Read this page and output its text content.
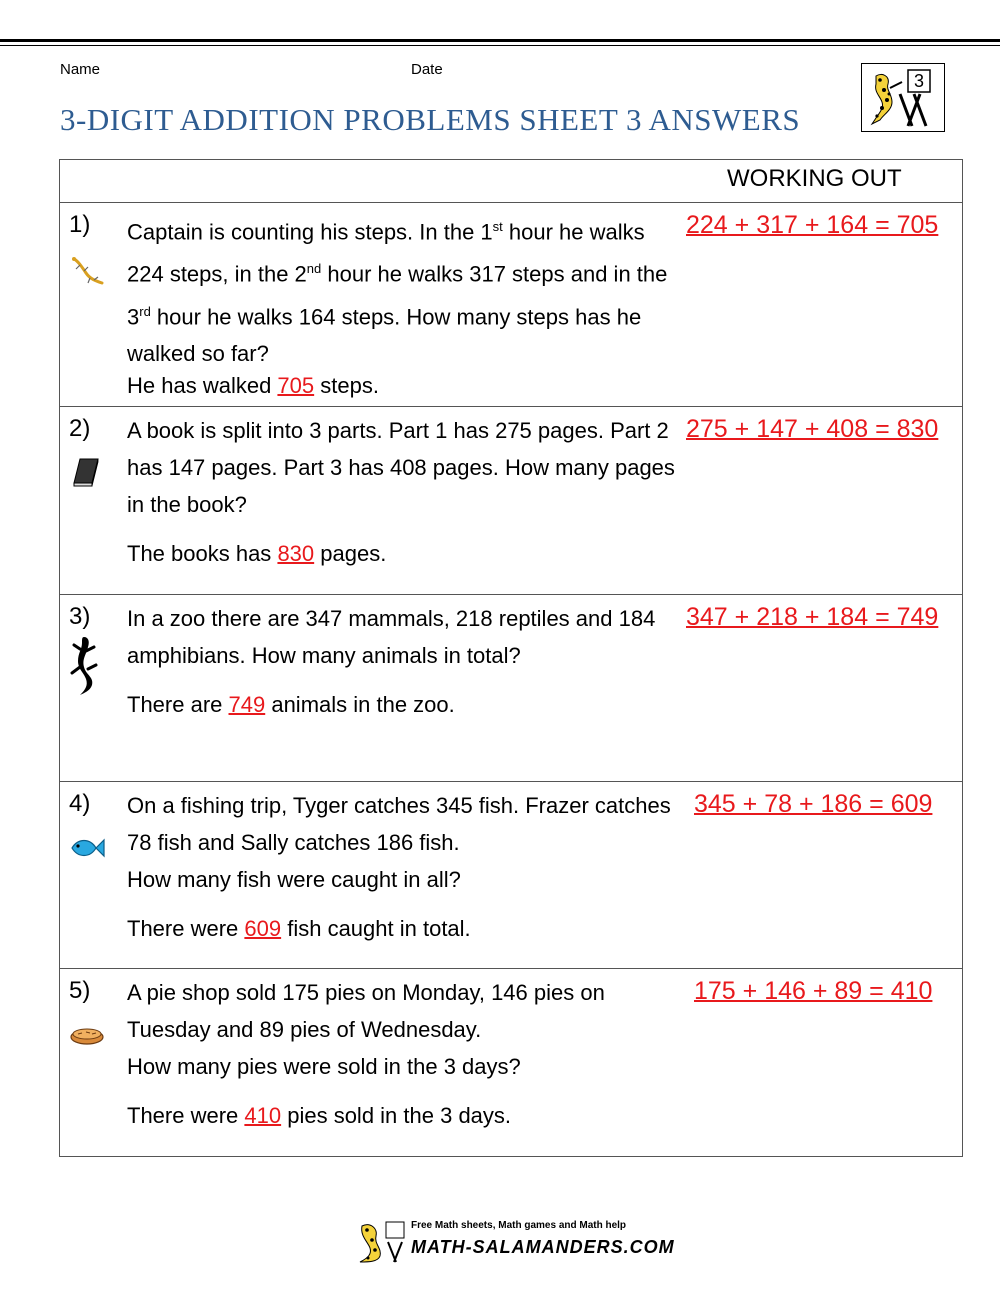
Name	Date
3-DIGIT ADDITION PROBLEMS SHEET 3 ANSWERS
3
WORKING OUT
1) Captain is counting his steps. In the 1st hour he walks 224 steps, in the 2nd hour he walks 317 steps and in the 3rd hour he walks 164 steps. How many steps has he walked so far?
He has walked 705 steps.
224 + 317 + 164 = 705
2) A book is split into 3 parts. Part 1 has 275 pages. Part 2 has 147 pages. Part 3 has 408 pages. How many pages in the book?
The books has 830 pages.
275 + 147 + 408 = 830
3) In a zoo there are 347 mammals, 218 reptiles and 184 amphibians. How many animals in total?
There are 749 animals in the zoo.
347 + 218 + 184 = 749
4) On a fishing trip, Tyger catches 345 fish. Frazer catches 78 fish and Sally catches 186 fish.
How many fish were caught in all?
There were 609 fish caught in total.
345 + 78 + 186 = 609
5) A pie shop sold 175 pies on Monday, 146 pies on Tuesday and 89 pies of Wednesday.
How many pies were sold in the 3 days?
There were 410 pies sold in the 3 days.
175 + 146 + 89 = 410
Free Math sheets, Math games and Math help
MATH-SALAMANDERS.COM
